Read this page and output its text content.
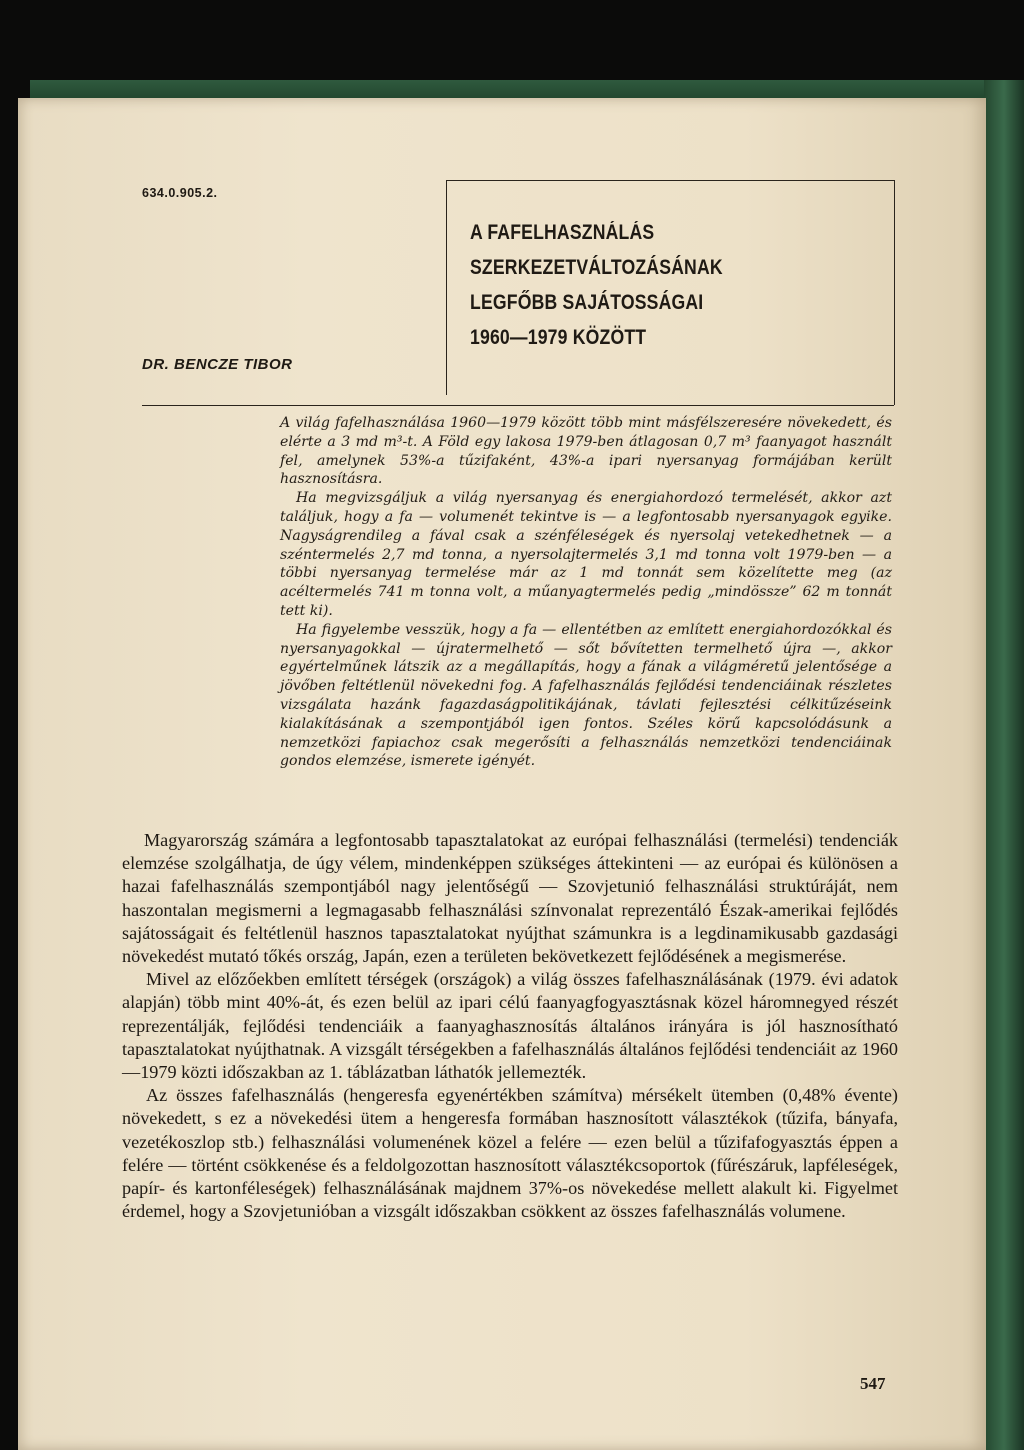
634.0.905.2.
A FAFELHASZNÁLÁS
SZERKEZETVÁLTOZÁSÁNAK
LEGFŐBB SAJÁTOSSÁGAI
1960—1979 KÖZÖTT
DR. BENCZE TIBOR

A világ fafelhasználása 1960—1979 között több mint másfélszeresére növekedett, és elérte a 3 md m³-t. A Föld egy lakosa 1979-ben átlagosan 0,7 m³ faanyagot használt fel, amelynek 53%-a tűzifaként, 43%-a ipari nyersanyag formájában került hasznosításra.

Ha megvizsgáljuk a világ nyersanyag és energiahordozó termelését, akkor azt találjuk, hogy a fa — volumenét tekintve is — a legfontosabb nyersanyagok egyike. Nagyságrendileg a fával csak a szénféleségek és nyersolaj vetekedhetnek — a széntermelés 2,7 md tonna, a nyersolajtermelés 3,1 md tonna volt 1979-ben — a többi nyersanyag termelése már az 1 md tonnát sem közelítette meg (az acéltermelés 741 m tonna volt, a műanyagtermelés pedig „mindössze” 62 m tonnát tett ki).

Ha figyelembe vesszük, hogy a fa — ellentétben az említett energiahordozókkal és nyersanyagokkal — újratermelhető — sőt bővítetten termelhető újra —, akkor egyértelműnek látszik az a megállapítás, hogy a fának a világméretű jelentősége a jövőben feltétlenül növekedni fog. A fafelhasználás fejlődési tendenciáinak részletes vizsgálata hazánk fagazdaságpolitikájának, távlati fejlesztési célkitűzéseink kialakításának a szempontjából igen fontos. Széles körű kapcsolódásunk a nemzetközi fapiachoz csak megerősíti a felhasználás nemzetközi tendenciáinak gondos elemzése, ismerete igényét.

Magyarország számára a legfontosabb tapasztalatokat az európai felhasználási (termelési) tendenciák elemzése szolgálhatja, de úgy vélem, mindenképpen szükséges áttekinteni — az európai és különösen a hazai fafelhasználás szempontjából nagy jelentőségű — Szovjetunió felhasználási struktúráját, nem haszontalan megismerni a legmagasabb felhasználási színvonalat reprezentáló Észak-amerikai fejlődés sajátosságait és feltétlenül hasznos tapasztalatokat nyújthat számunkra is a legdinamikusabb gazdasági növekedést mutató tőkés ország, Japán, ezen a területen bekövetkezett fejlődésének a megismerése.

Mivel az előzőekben említett térségek (országok) a világ összes fafelhasználásának (1979. évi adatok alapján) több mint 40%-át, és ezen belül az ipari célú faanyagfogyasztásnak közel háromnegyed részét reprezentálják, fejlődési tendenciáik a faanyaghasznosítás általános irányára is jól hasznosítható tapasztalatokat nyújthatnak. A vizsgált térségekben a fafelhasználás általános fejlődési tendenciáit az 1960—1979 közti időszakban az 1. táblázatban láthatók jellemezték.

Az összes fafelhasználás (hengeresfa egyenértékben számítva) mérsékelt ütemben (0,48% évente) növekedett, s ez a növekedési ütem a hengeresfa formában hasznosított választékok (tűzifa, bányafa, vezetékoszlop stb.) felhasználási volumenének közel a felére — ezen belül a tűzifafogyasztás éppen a felére — történt csökkenése és a feldolgozottan hasznosított választékcsoportok (fűrészáruk, lapféleségek, papír- és kartonféleségek) felhasználásának majdnem 37%-os növekedése mellett alakult ki. Figyelmet érdemel, hogy a Szovjetunióban a vizsgált időszakban csökkent az összes fafelhasználás volumene.

547
